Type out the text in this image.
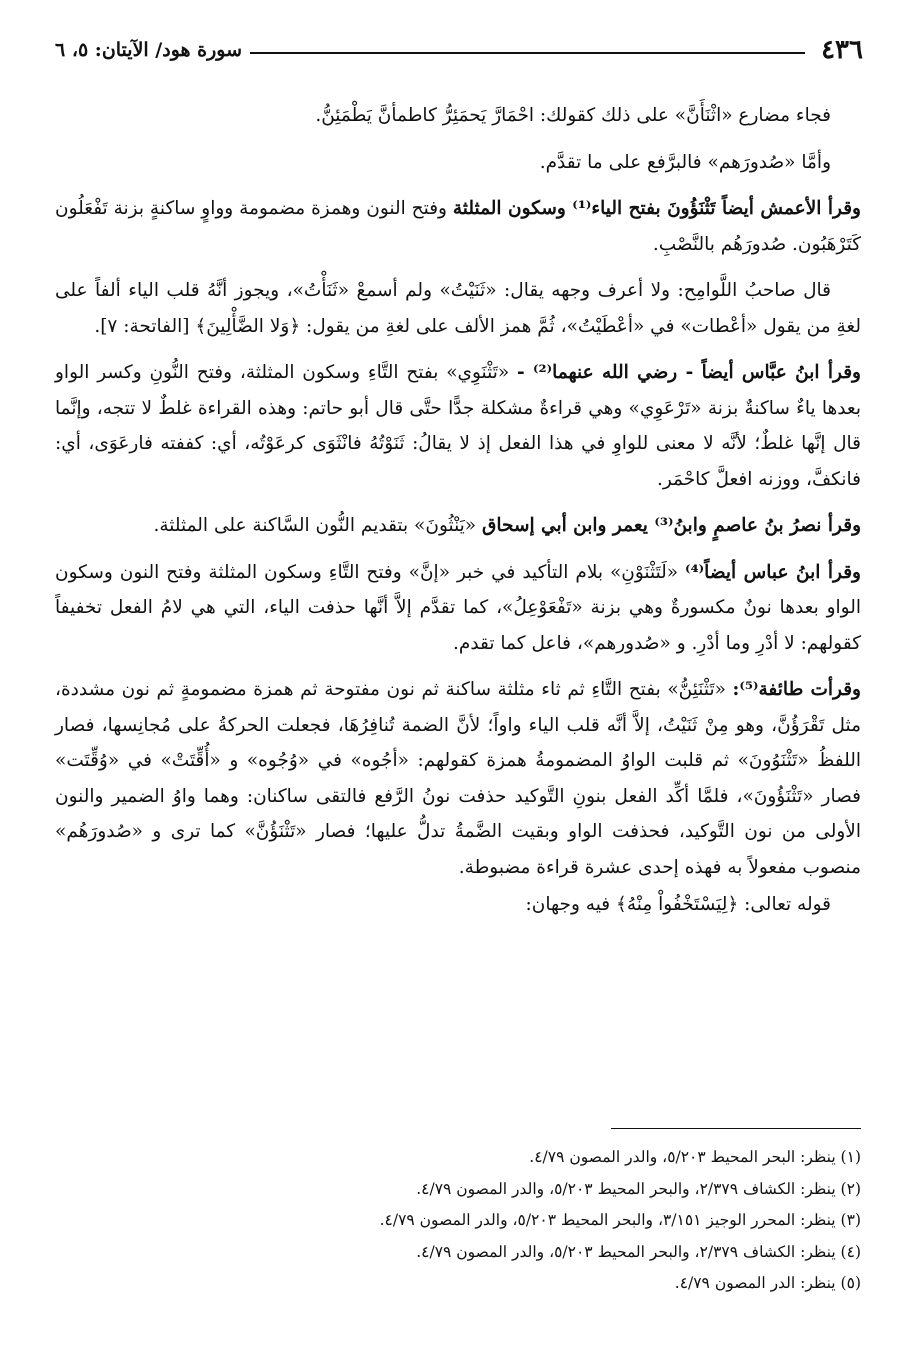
٤٣٦
سورة هود/ الآيتان: ٥، ٦

فجاء مضارع «اثْنَأَنَّ» على ذلك كقولك: احْمَارَّ يَحمَئِرُّ كاطمأنَّ يَطْمَئِنُّ.

وأمَّا «صُدورَهم» فالبرَّفع على ما تقدَّم.

وقرأ الأعمش أيضاً تَثْنَؤُونَ بفتح الياء⁽¹⁾ وسكون المثلثة وفتح النون وهمزة مضمومة وواوٍ ساكنةٍ بزنة تَفْعَلُون كَتَرْهَبُون. صُدورَهُم بالنَّصْبِ.

قال صاحبُ اللَّوامِح: ولا أعرف وجهه يقال: «ثَنَيْتُ» ولم أسمعْ «ثَنَأْتُ»، ويجوز أنَّهُ قلب الياء ألفاً على لغةِ من يقول «أعْطات» في «أعْطَيْتُ»، ثُمَّ همز الألف على لغةِ من يقول: ﴿وَلا الضَّأْلِينَ﴾ [الفاتحة: ٧].

وقرأ ابنُ عبَّاس أيضاً - رضي الله عنهما⁽²⁾ - «تَثْنَوِي» بفتح التَّاءِ وسكون المثلثة، وفتح النُّونِ وكسر الواو بعدها ياءٌ ساكنةٌ بزنة «تَرْعَوِي» وهي قراءةٌ مشكلة جدًّا حتَّى قال أبو حاتم: وهذه القراءة غلطٌ لا تتجه، وإنَّما قال إنَّها غلطٌ؛ لأنَّه لا معنى للواوِ في هذا الفعل إذ لا يقالُ: ثَنَوْتُهُ فانْثَوَى كرعَوْتُه، أي: كففته فارعَوَى، أي: فانكفَّ، ووزنه افعلَّ كاحْمَر.

وقرأ نصرُ بنُ عاصمٍ وابنُ⁽³⁾ يعمر وابن أبي إسحاق «يَنْثُونَ» بتقديم النُّون السَّاكنة على المثلثة.

وقرأ ابنُ عباس أيضاً⁽⁴⁾ «لَتَثْنَوْنِ» بلام التأكيد في خبر «إنَّ» وفتح التَّاءِ وسكون المثلثة وفتح النون وسكون الواو بعدها نونٌ مكسورةٌ وهي بزنة «تَفْعَوْعِلُ»، كما تقدَّم إلاَّ أنَّها حذفت الياء، التي هي لامُ الفعل تخفيفاً كقولهم: لا أدْرِ وما أدْرِ. و «صُدورهم»، فاعل كما تقدم.

وقرأت طائفة⁽⁵⁾: «تَثْنَئِنُّ» بفتح التَّاءِ ثم ثاء مثلثة ساكنة ثم نون مفتوحة ثم همزة مضمومةٍ ثم نون مشددة، مثل تَقْرَؤُنَّ، وهو مِنْ ثَنَيْتُ، إلاَّ أنَّه قلب الياء واواً؛ لأنَّ الضمة تُنافِرُهَا، فجعلت الحركةُ على مُجانِسها، فصار اللفظُ «تَثْنَوُونَ» ثم قلبت الواوُ المضمومةُ همزة كقولهم: «أجُوه» في «وُجُوه» و «أُقِّتَتْ» في «وُقِّتَت» فصار «تَثْنَؤُونَ»، فلمَّا أكِّد الفعل بنونِ التَّوكيد حذفت نونُ الرَّفع فالتقى ساكنان: وهما واوُ الضمير والنون الأولى من نون التَّوكيد، فحذفت الواو وبقيت الضَّمةُ تدلُّ عليها؛ فصار «تَثْنَؤُنَّ» كما ترى و «صُدورَهُم» منصوب مفعولاً به فهذه إحدى عشرة قراءة مضبوطة.

قوله تعالى: ﴿لِيَسْتَخْفُواْ مِنْهُ﴾ فيه وجهان:

(١) ينظر: البحر المحيط ٥/٢٠٣، والدر المصون ٤/٧٩.
(٢) ينظر: الكشاف ٢/٣٧٩، والبحر المحيط ٥/٢٠٣، والدر المصون ٤/٧٩.
(٣) ينظر: المحرر الوجيز ٣/١٥١، والبحر المحيط ٥/٢٠٣، والدر المصون ٤/٧٩.
(٤) ينظر: الكشاف ٢/٣٧٩، والبحر المحيط ٥/٢٠٣، والدر المصون ٤/٧٩.
(٥) ينظر: الدر المصون ٤/٧٩.
